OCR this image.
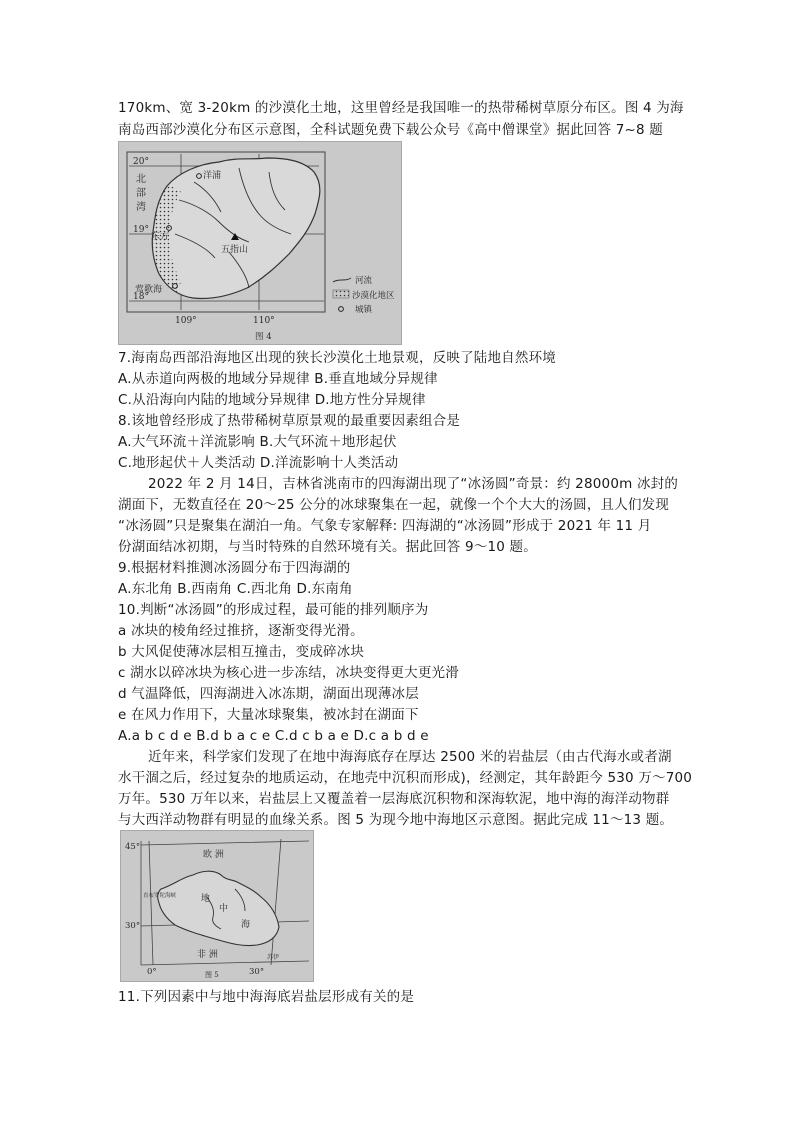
170km、宽 3-20km 的沙漠化土地，这里曾经是我国唯一的热带稀树草原分布区。图 4 为海
南岛西部沙漠化分布区示意图，全科试题免费下载公众号《高中僧课堂》据此回答 7~8 题
20°
19°
18°
109°	110°
北
部
湾
洋浦
东方
五指山
莺歌海
河流
沙漠化地区
城镇
图 4
7.海南岛西部沿海地区出现的狭长沙漠化土地景观，反映了陆地自然环境
A.从赤道向两极的地域分异规律 B.垂直地域分异规律
C.从沿海向内陆的地域分异规律 D.地方性分异规律
8.该地曾经形成了热带稀树草原景观的最重要因素组合是
A.大气环流＋洋流影响 B.大气环流＋地形起伏
C.地形起伏＋人类活动 D.洋流影响十人类活动
2022 年 2 月 14日，吉林省洮南市的四海湖出现了“冰汤圆”奇景：约 28000m 冰封的
湖面下，无数直径在 20～25 公分的冰球聚集在一起，就像一个个大大的汤圆，且人们发现
“冰汤圆”只是聚集在湖泊一角。气象专家解释: 四海湖的“冰汤圆”形成于 2021 年 11 月
份湖面结冰初期，与当时特殊的自然环境有关。据此回答 9～10 题。
9.根据材料推测冰汤圆分布于四海湖的
A.东北角 B.西南角 C.西北角 D.东南角
10.判断“冰汤圆”的形成过程，最可能的排列顺序为
a 冰块的棱角经过推挤，逐渐变得光滑。
b 大风促使薄冰层相互撞击，变成碎冰块
c 湖水以碎冰块为核心进一步冻结，冰块变得更大更光滑
d 气温降低，四海湖进入冰冻期，湖面出现薄冰层
e 在风力作用下，大量冰球聚集，被冰封在湖面下
A.a b c d e B.d b a c e C.d c b a e D.c a b d e
近年来，科学家们发现了在地中海海底存在厚达 2500 米的岩盐层（由古代海水或者湖
水干涸之后，经过复杂的地质运动，在地壳中沉积而形成)，经测定，其年龄距今 530 万～700
万年。530 万年以来，岩盐层上又覆盖着一层海底沉积物和深海软泥，地中海的海洋动物群
与大西洋动物群有明显的血缘关系。图 5 为现今地中海地区示意图。据此完成 11～13 题。
45°
30°
0°	30°
欧 洲
非 洲
地
中
海
直布罗陀海峡
苏伊
图 5
11.下列因素中与地中海海底岩盐层形成有关的是
